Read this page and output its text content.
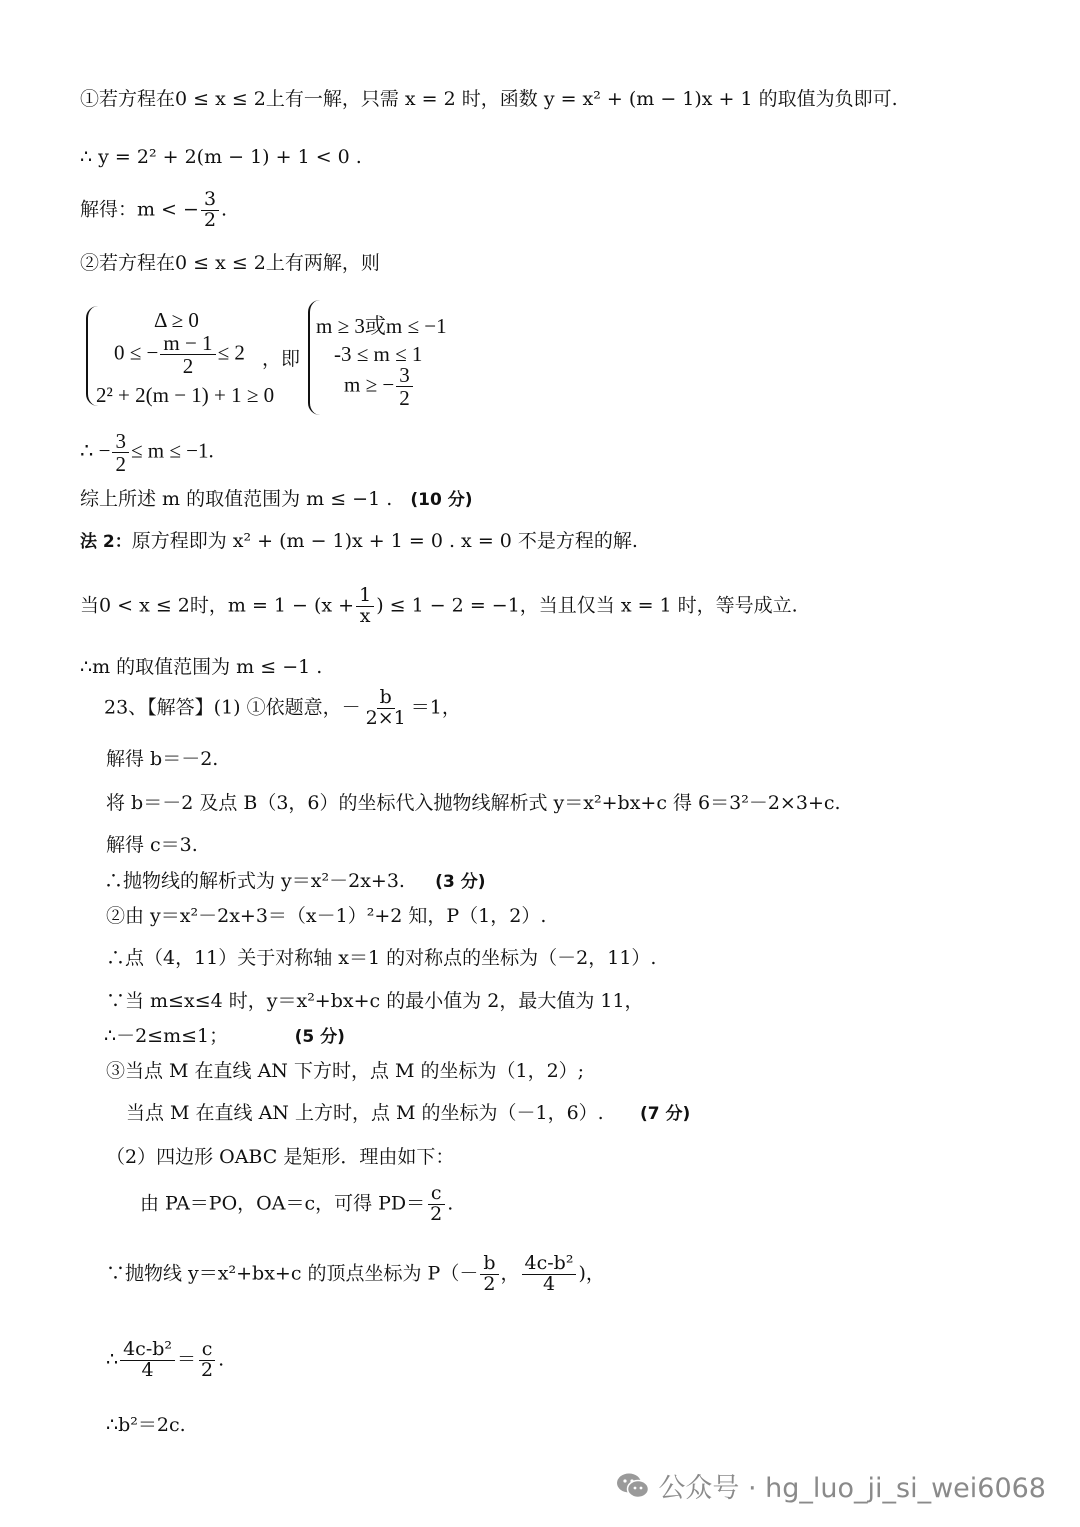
①若方程在0 ≤ x ≤ 2上有一解，只需 x = 2 时，函数 y = x² + (m − 1)x + 1 的取值为负即可.
∴ y = 2² + 2(m − 1) + 1 < 0 .
解得：m < − $\frac{3}{2}$ .
②若方程在0 ≤ x ≤ 2上有两解，则
Δ ≥ 0
0 ≤ − $\frac{m - 1}{2} \le 2$
2² + 2(m − 1) + 1 ≥ 0
，即
m ≥ 3或m ≤ −1
-3 ≤ m ≤ 1
m ≥ − $\frac{3}{2}$
∴ − $\frac{3}{2} \le m \le -1$.
综上所述 m 的取值范围为 m ≤ −1 . (10 分)
法 2：原方程即为 x² + (m − 1)x + 1 = 0 . x = 0 不是方程的解.
当0 < x ≤ 2时，$m = 1 - (x + \frac{1}{x}$ ) ≤ 1 − 2 = −1，当且仅当 x = 1 时，等号成立.
∴m 的取值范围为 m ≤ −1 .
23、【解答】(1) ①依题意，－ $\frac{b}{2\times 1} =1$，
解得 b＝－2.
将 b＝－2 及点 B（3，6）的坐标代入抛物线解析式 y＝x²+bx+c 得 6＝3²－2×3+c.
解得 c＝3.
∴抛物线的解析式为 y＝x²－2x+3. (3 分)
②由 y＝x²－2x+3＝（x－1）²+2 知，P（1，2）.
∴点（4，11）关于对称轴 x＝1 的对称点的坐标为（－2，11）.
∵当 m≤x≤4 时，y＝x²+bx+c 的最小值为 2，最大值为 11，
∴－2≤m≤1；	(5 分)
③当点 M 在直线 AN 下方时，点 M 的坐标为（1，2）;
当点 M 在直线 AN 上方时，点 M 的坐标为（－1，6）. (7 分)
（2）四边形 OABC 是矩形．理由如下：
由 PA＝PO，OA＝c，可得 $PD= \frac{c}{2}$ .
∵抛物线 y＝x²+bx+c 的顶点坐标为 $P(- \frac{b}{2}$ ， $\frac{\text{4c-b²}}{4}$ )，
∴ $\frac{\text{4c-b²}}{4} = \frac{c}{2}$ .
∴b²＝2c.
公众号 · hg_luo_ji_si_wei6068
